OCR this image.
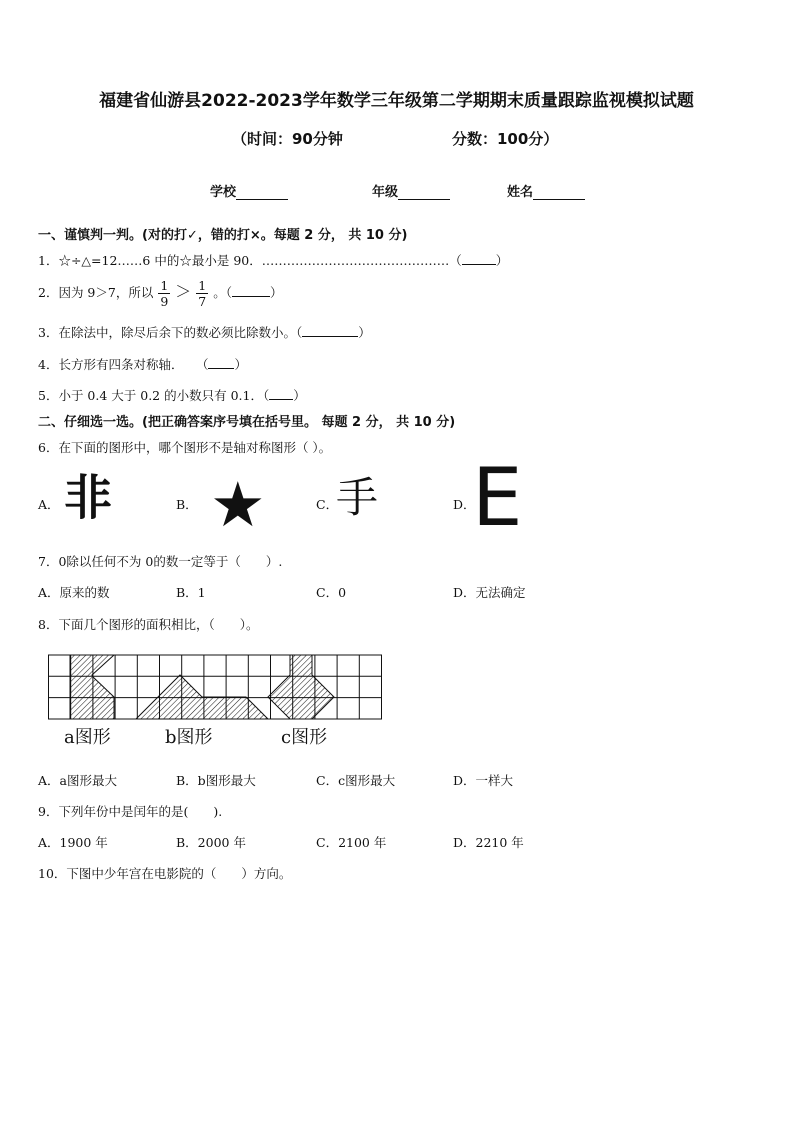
福建省仙游县2022-2023学年数学三年级第二学期期末质量跟踪监视模拟试题
（时间：90分钟	分数：100分）
学校	年级	姓名
一、谨慎判一判。(对的打✓，错的打×。每题 2 分， 共 10 分)
1．☆÷△=12……6 中的☆最小是 90．………………………………………（	）
2．因为 9＞7，所以 $\frac{1}{9} > \frac{1}{7}$ 。（	）
3．在除法中，除尽后余下的数必须比除数小。（	）
4．长方形有四条对称轴．　　（ ）
5．小于 0.4 大于 0.2 的小数只有 0.1．（ ）
二、仔细选一选。(把正确答案序号填在括号里。 每题 2 分， 共 10 分)
6．在下面的图形中，哪个图形不是轴对称图形（ ）。
A． 非	B． ★	C．
手	D．
E
7．0除以任何不为 0的数一定等于（　　）.
A．原来的数	B．1	C．0	D．无法确定
8．下面几个图形的面积相比，（　　）。
a图形	b图形	c图形
A．a图形最大	B．b图形最大	C．c图形最大	D．一样大
9．下列年份中是闰年的是(　　).
A．1900 年	B．2000 年	C．2100 年	D．2210 年
10．下图中少年宫在电影院的（　　）方向。
